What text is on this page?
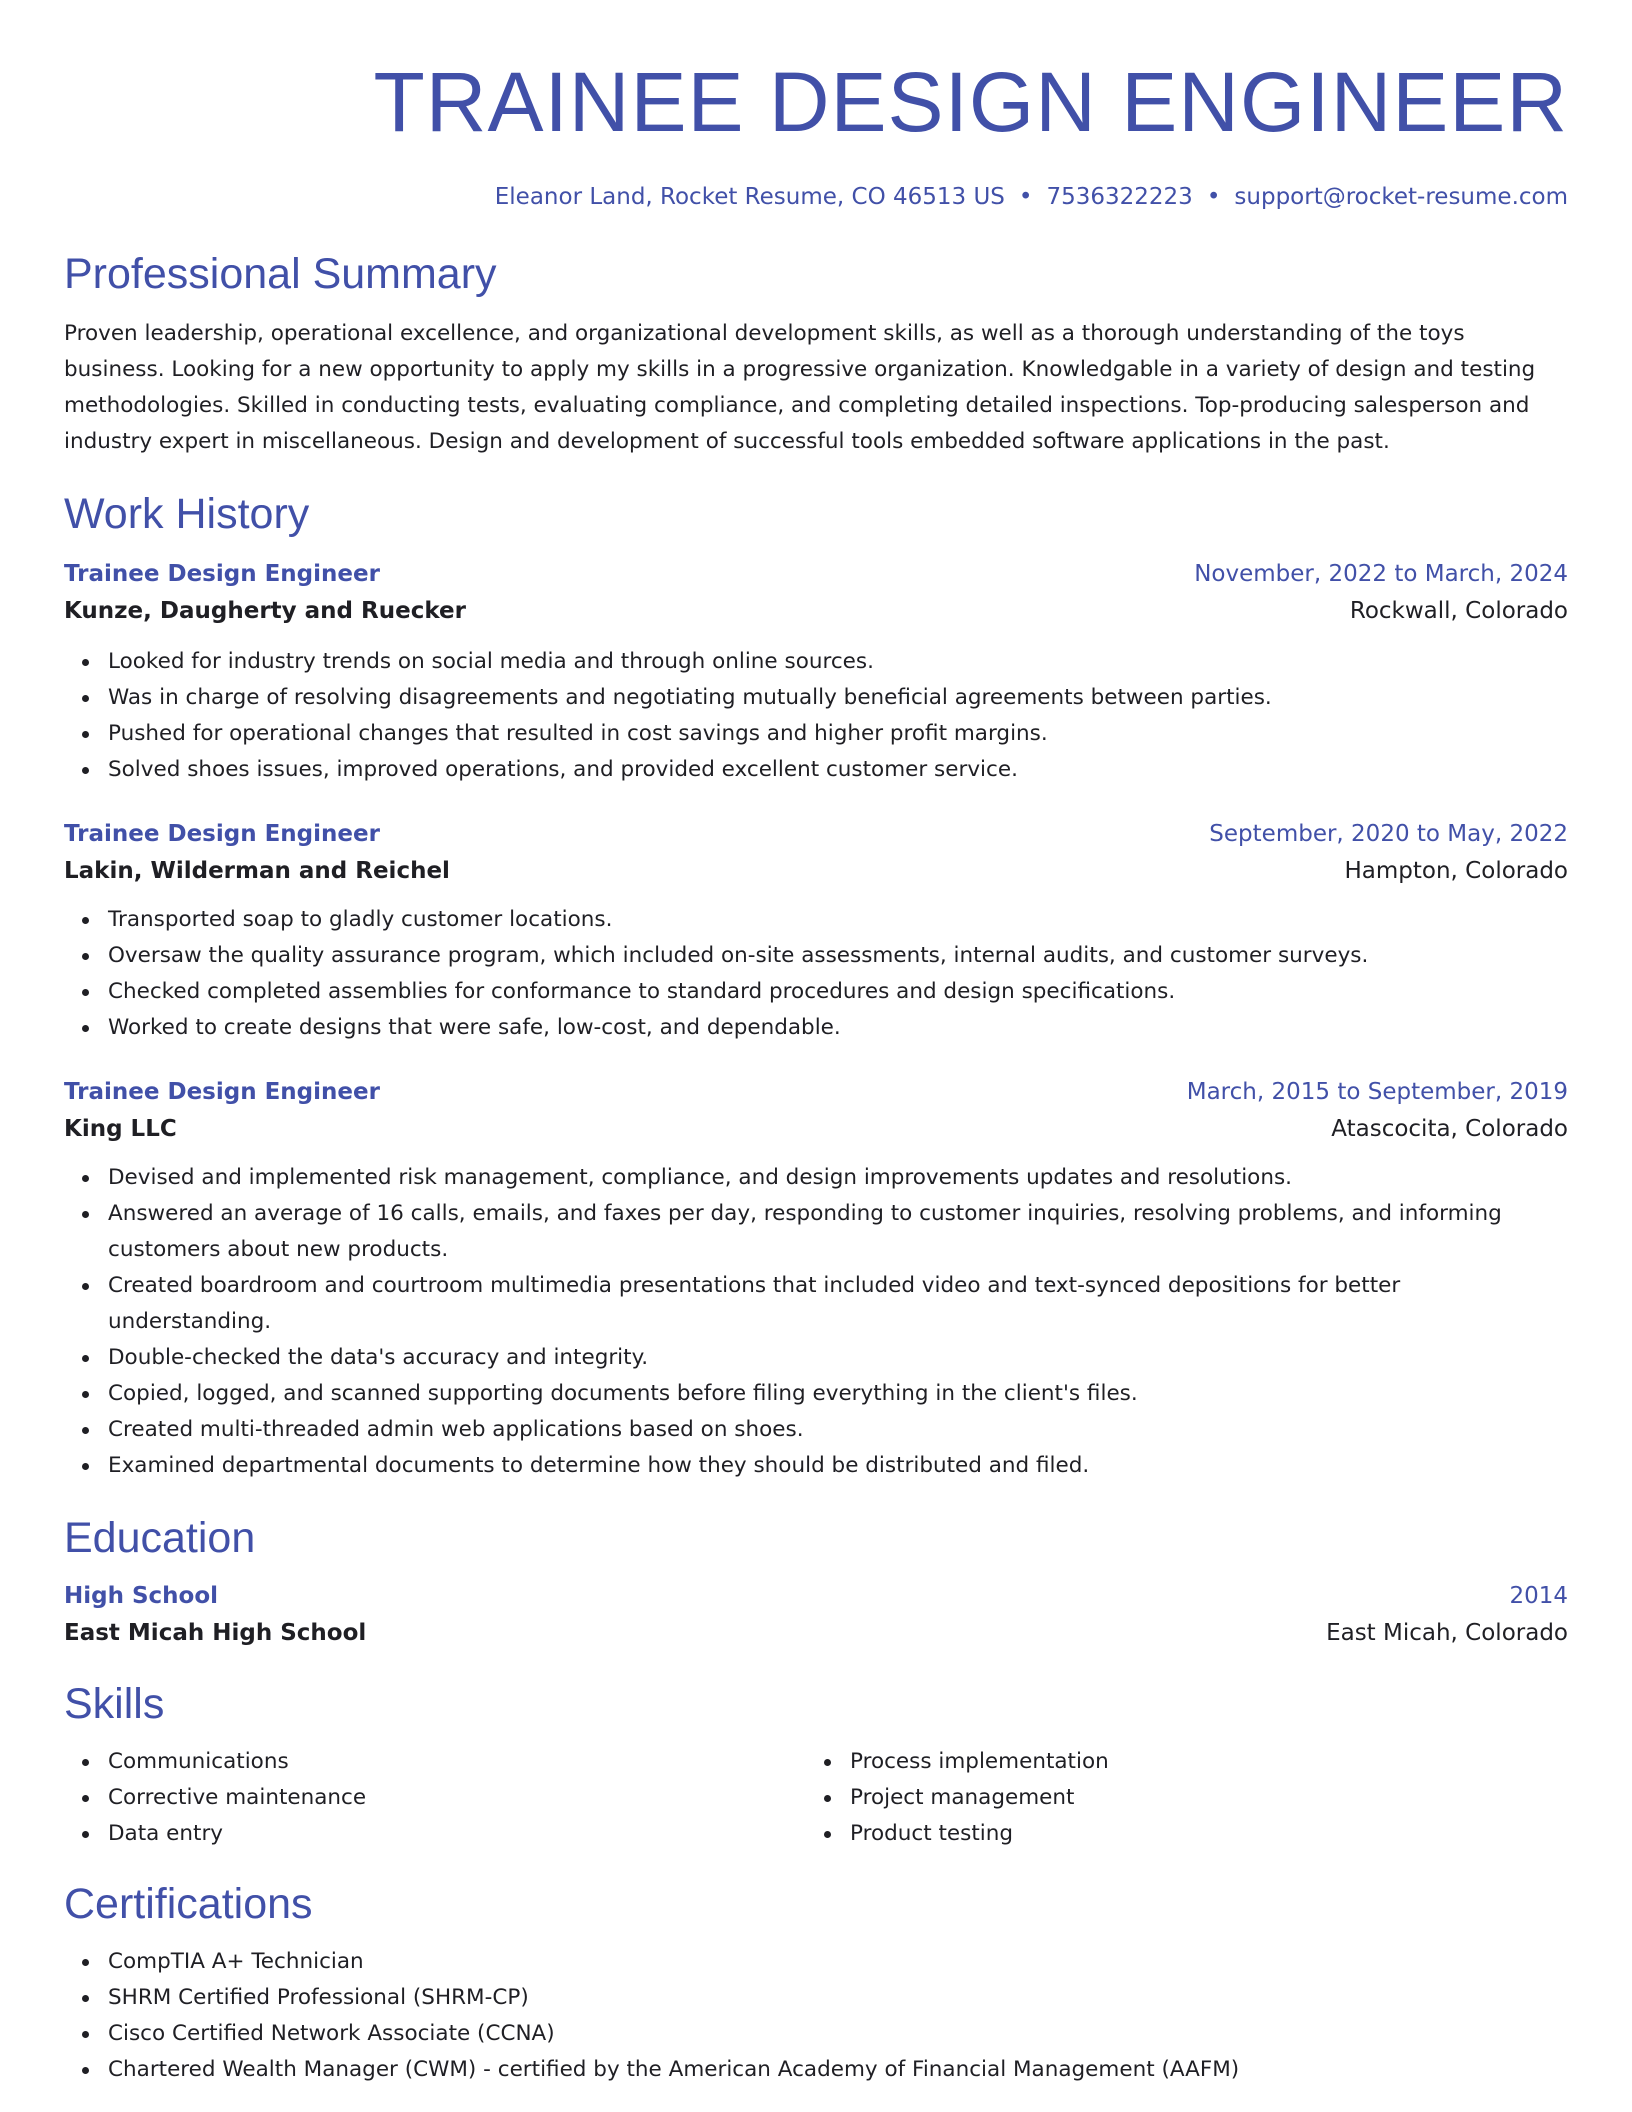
TRAINEE DESIGN ENGINEER
Eleanor Land, Rocket Resume, CO 46513 US • 7536322223 • support@rocket-resume.com
Professional Summary

Proven leadership, operational excellence, and organizational development skills, as well as a thorough understanding of the toys business. Looking for a new opportunity to apply my skills in a progressive organization. Knowledgable in a variety of design and testing methodologies. Skilled in conducting tests, evaluating compliance, and completing detailed inspections. Top-producing salesperson and industry expert in miscellaneous. Design and development of successful tools embedded software applications in the past.

Work History
Trainee Design Engineer	November, 2022 to March, 2024
Kunze, Daugherty and Ruecker	Rockwall, Colorado
Looked for industry trends on social media and through online sources.
Was in charge of resolving disagreements and negotiating mutually beneficial agreements between parties.
Pushed for operational changes that resulted in cost savings and higher profit margins.
Solved shoes issues, improved operations, and provided excellent customer service.
Trainee Design Engineer	September, 2020 to May, 2022
Lakin, Wilderman and Reichel	Hampton, Colorado
Transported soap to gladly customer locations.
Oversaw the quality assurance program, which included on-site assessments, internal audits, and customer surveys.
Checked completed assemblies for conformance to standard procedures and design specifications.
Worked to create designs that were safe, low-cost, and dependable.
Trainee Design Engineer	March, 2015 to September, 2019
King LLC	Atascocita, Colorado
Devised and implemented risk management, compliance, and design improvements updates and resolutions.
Answered an average of 16 calls, emails, and faxes per day, responding to customer inquiries, resolving problems, and informing customers about new products.
Created boardroom and courtroom multimedia presentations that included video and text-synced depositions for better understanding.
Double-checked the data's accuracy and integrity.
Copied, logged, and scanned supporting documents before filing everything in the client's files.
Created multi-threaded admin web applications based on shoes.
Examined departmental documents to determine how they should be distributed and filed.
Education
High School	2014
East Micah High School	East Micah, Colorado
Skills
Communications
Corrective maintenance
Data entry
Process implementation
Project management
Product testing
Certifications
CompTIA A+ Technician
SHRM Certified Professional (SHRM-CP)
Cisco Certified Network Associate (CCNA)
Chartered Wealth Manager (CWM) - certified by the American Academy of Financial Management (AAFM)
